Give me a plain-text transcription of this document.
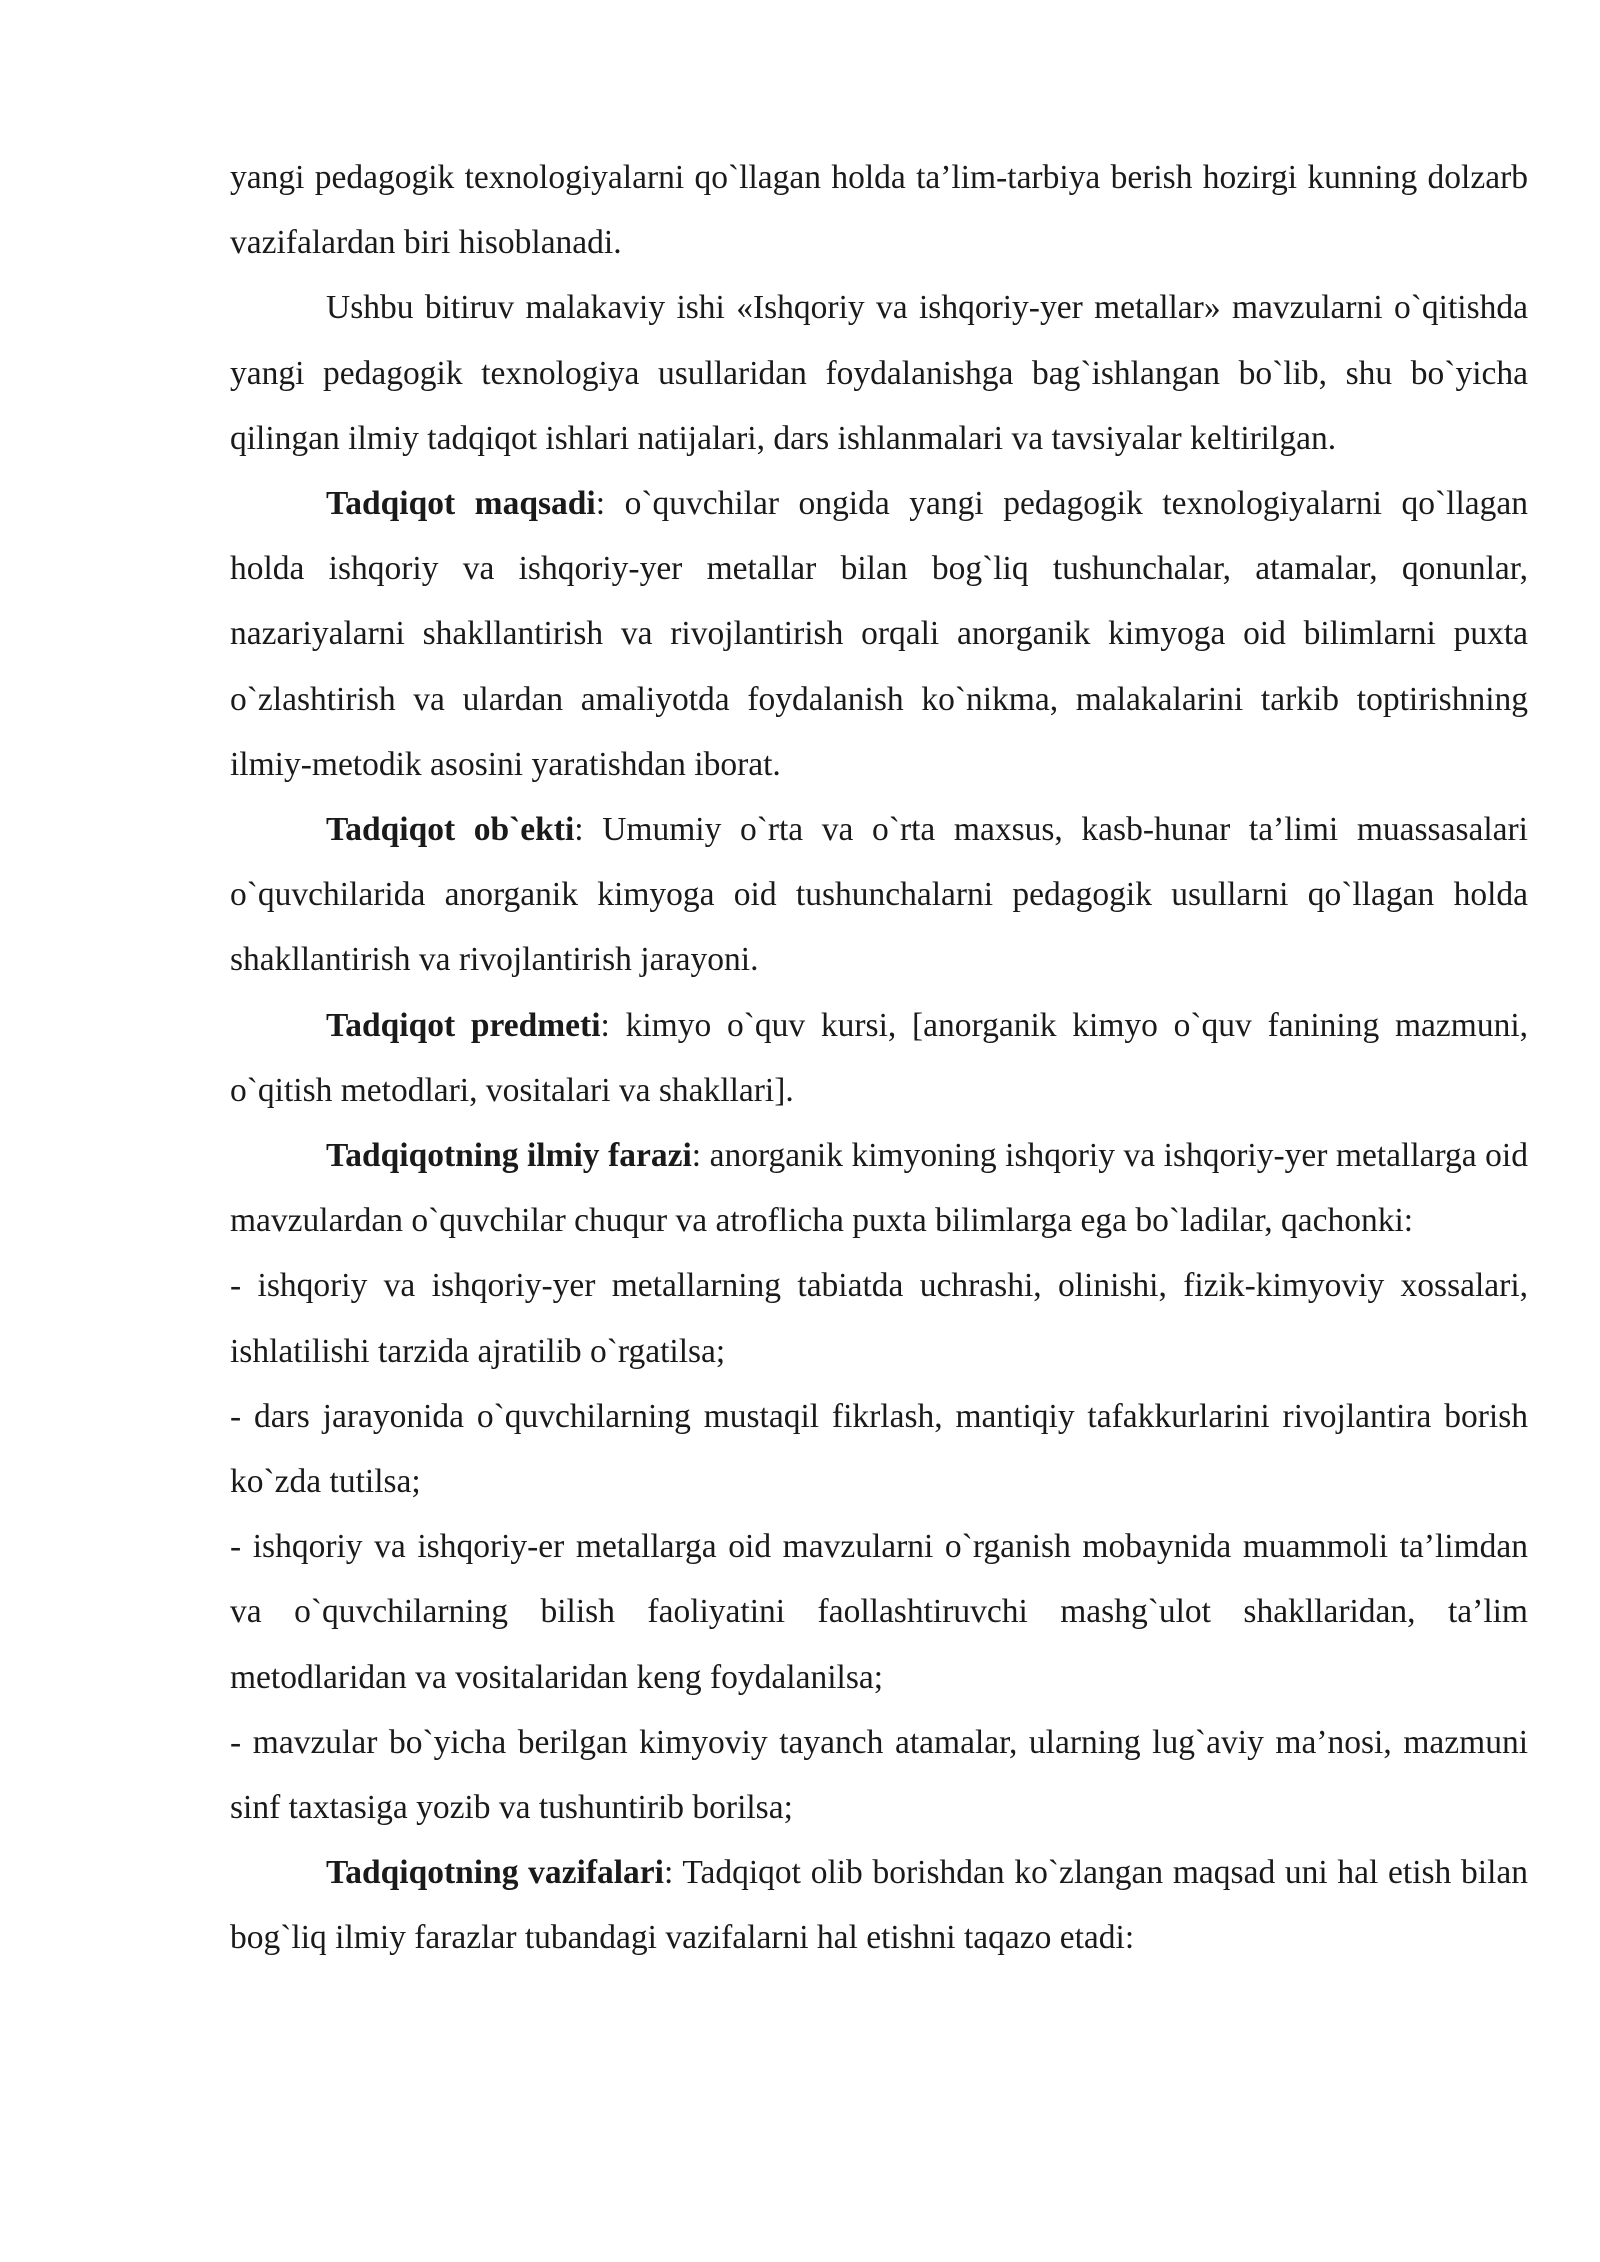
yangi pedagogik texnologiyalarni qo`llagan holda ta’lim-tarbiya berish hozirgi kunning dolzarb vazifalardan biri hisoblanadi.

Ushbu bitiruv malakaviy ishi «Ishqoriy va ishqoriy-yer metallar» mavzularni o`qitishda yangi pedagogik texnologiya usullaridan foydalanishga bag`ishlangan bo`lib, shu bo`yicha qilingan ilmiy tadqiqot ishlari natijalari, dars ishlanmalari va tavsiyalar keltirilgan.

Tadqiqot maqsadi: o`quvchilar ongida yangi pedagogik texnologiyalarni qo`llagan holda ishqoriy va ishqoriy-yer metallar bilan bog`liq tushunchalar, atamalar, qonunlar, nazariyalarni shakllantirish va rivojlantirish orqali anorganik kimyoga oid bilimlarni puxta o`zlashtirish va ulardan amaliyotda foydalanish ko`nikma, malakalarini tarkib toptirishning ilmiy-metodik asosini yaratishdan iborat.

Tadqiqot ob`ekti: Umumiy o`rta va o`rta maxsus, kasb-hunar ta’limi muassasalari o`quvchilarida anorganik kimyoga oid tushunchalarni pedagogik usullarni qo`llagan holda shakllantirish va rivojlantirish jarayoni.

Tadqiqot predmeti: kimyo o`quv kursi, [anorganik kimyo o`quv fanining mazmuni, o`qitish metodlari, vositalari va shakllari].

Tadqiqotning ilmiy farazi: anorganik kimyoning ishqoriy va ishqoriy-yer metallarga oid mavzulardan o`quvchilar chuqur va atroflicha puxta bilimlarga ega bo`ladilar, qachonki:

- ishqoriy va ishqoriy-yer metallarning tabiatda uchrashi, olinishi, fizik-kimyoviy xossalari, ishlatilishi tarzida ajratilib o`rgatilsa;

- dars jarayonida o`quvchilarning mustaqil fikrlash, mantiqiy tafakkurlarini rivojlantira borish ko`zda tutilsa;

- ishqoriy va ishqoriy-er metallarga oid mavzularni o`rganish mobaynida muammoli ta’limdan va o`quvchilarning bilish faoliyatini faollashtiruvchi mashg`ulot shakllaridan, ta’lim metodlaridan va vositalaridan keng foydalanilsa;

- mavzular bo`yicha berilgan kimyoviy tayanch atamalar, ularning lug`aviy ma’nosi, mazmuni sinf taxtasiga yozib va tushuntirib borilsa;

Tadqiqotning vazifalari: Tadqiqot olib borishdan ko`zlangan maqsad uni hal etish bilan bog`liq ilmiy farazlar tubandagi vazifalarni hal etishni taqazo etadi:
